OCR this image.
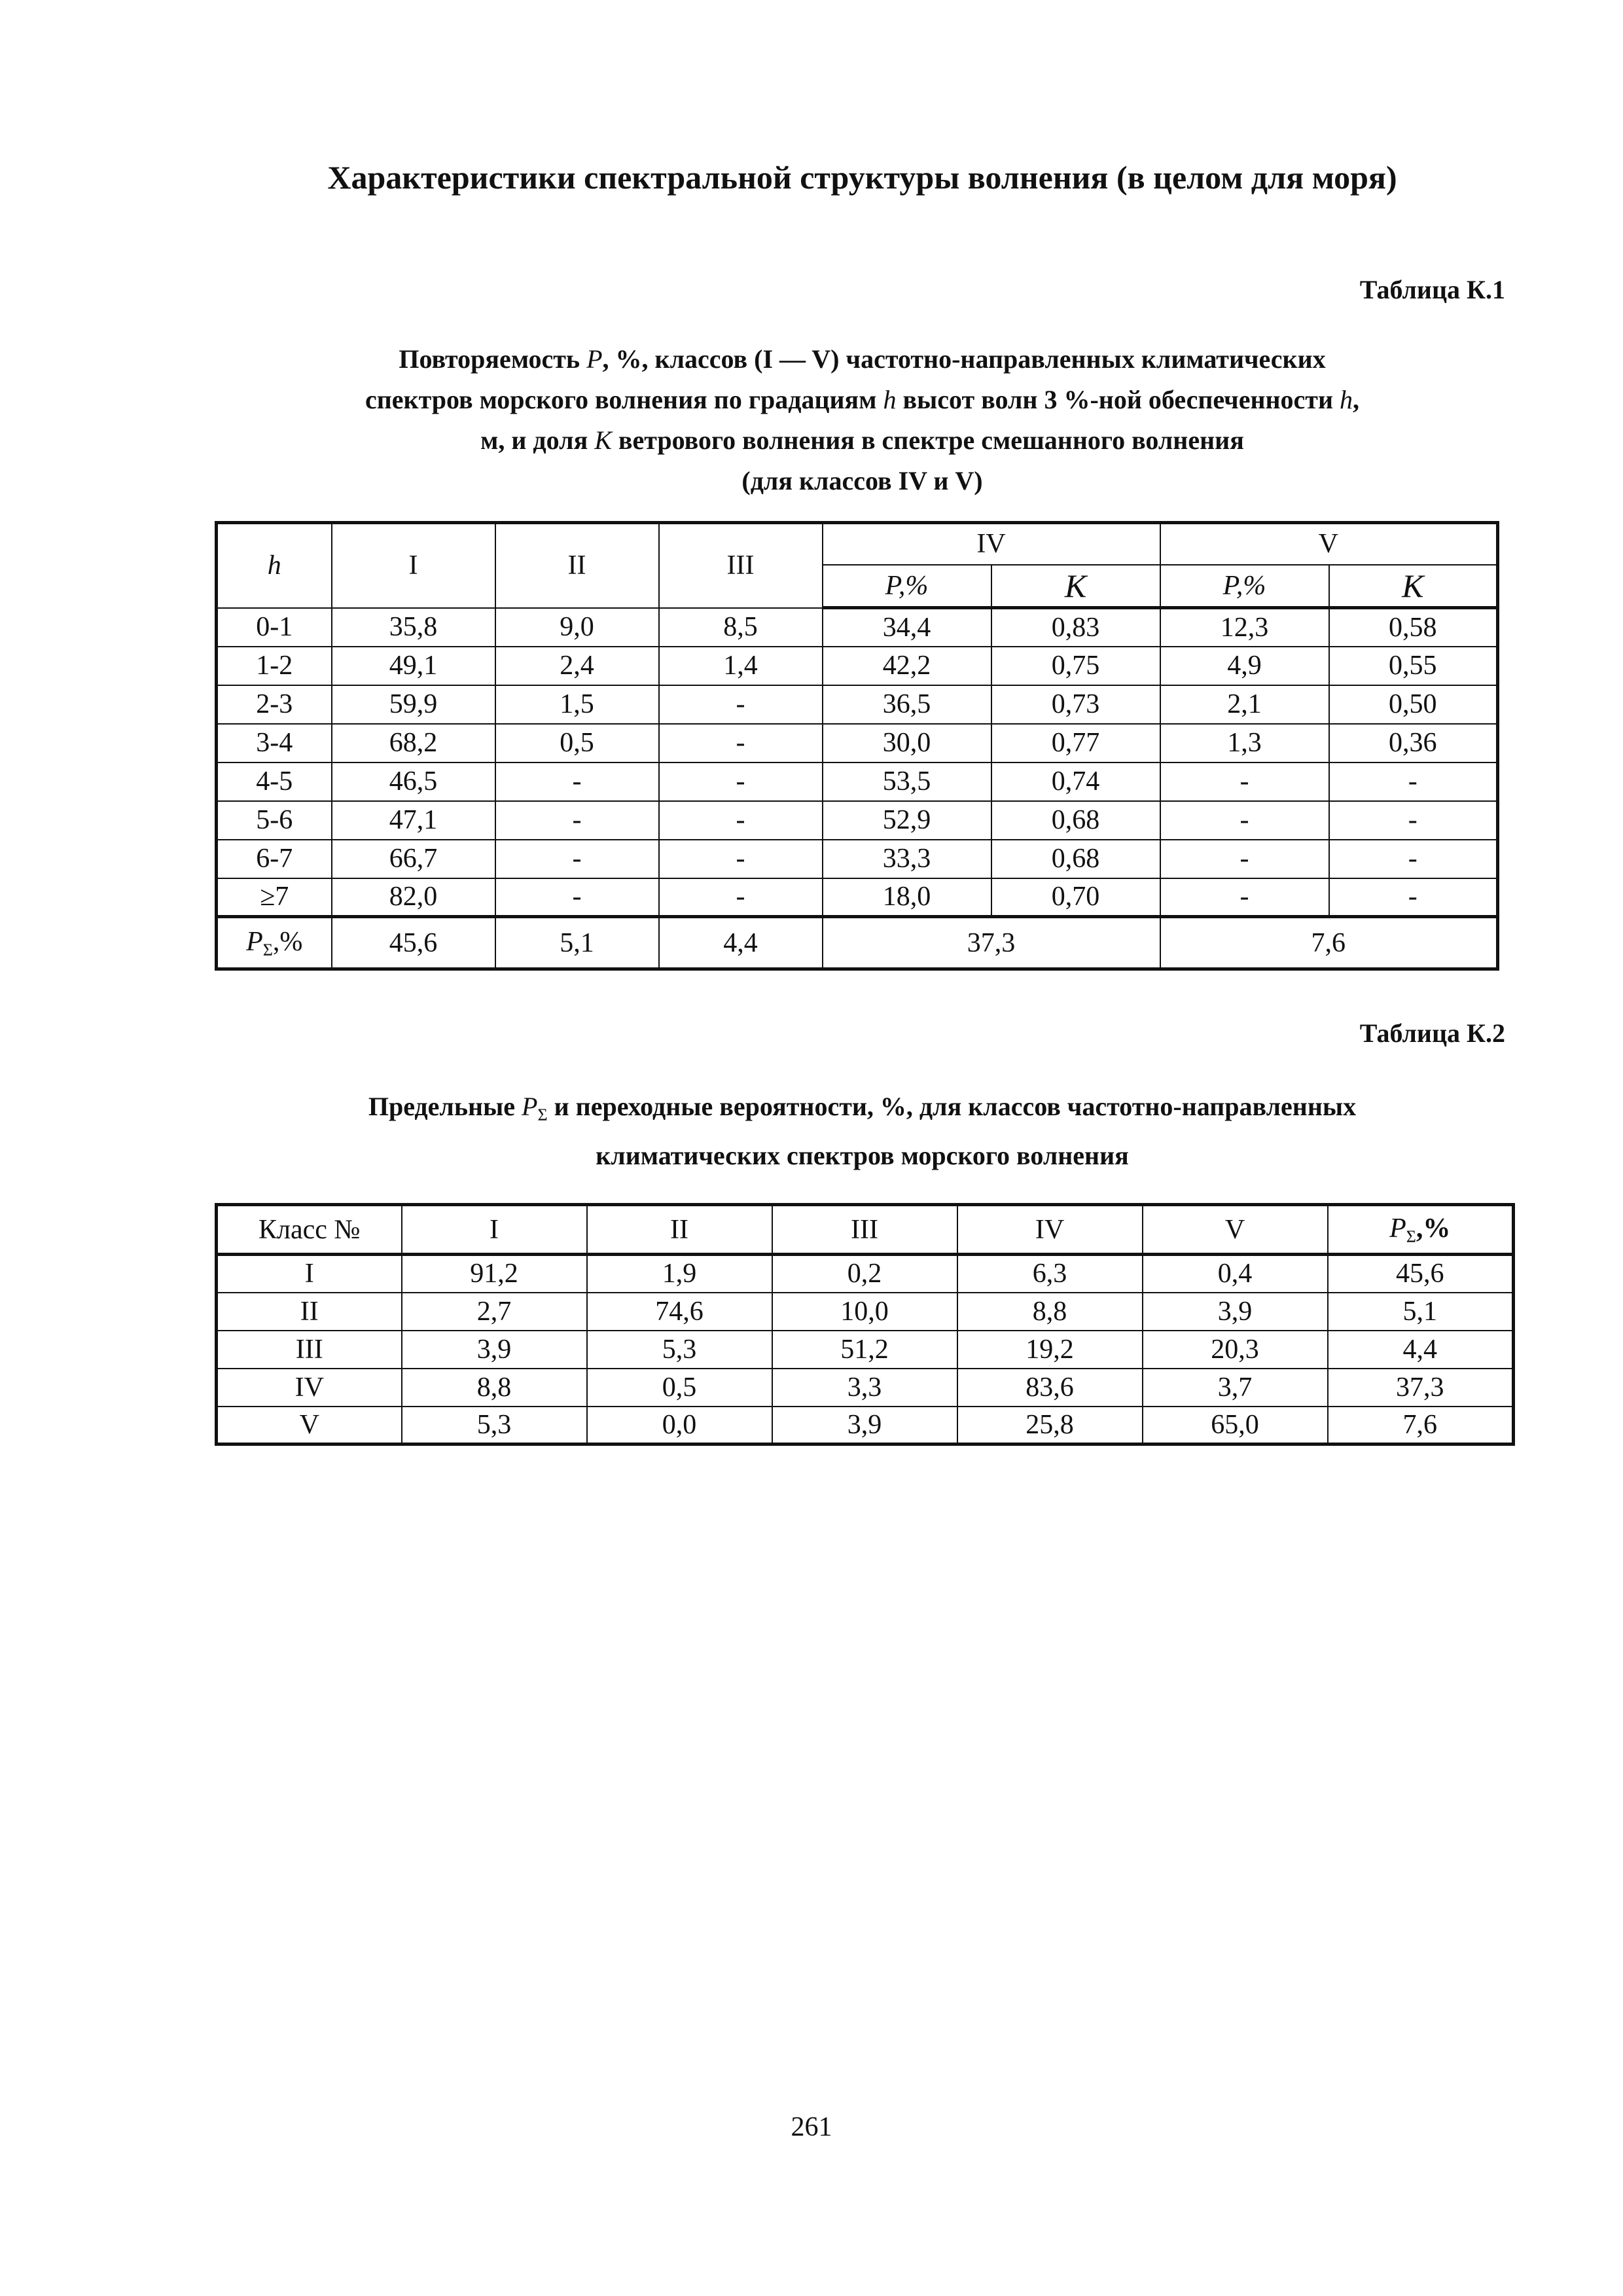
Характеристики спектральной структуры волнения (в целом для моря)
Таблица К.1
Повторяемость P, %, классов (I — V) частотно-направленных климатических
спектров морского волнения по градациям h высот волн 3 %-ной обеспеченности h,
м, и доля K ветрового волнения в спектре смешанного волнения
(для классов IV и V)
h	I	II	III	IV		V	
				P,%	K	P,%	K
0-1	35,8	9,0	8,5	34,4	0,83	12,3	0,58
1-2	49,1	2,4	1,4	42,2	0,75	4,9	0,55
2-3	59,9	1,5	-	36,5	0,73	2,1	0,50
3-4	68,2	0,5	-	30,0	0,77	1,3	0,36
4-5	46,5	-	-	53,5	0,74	-	-
5-6	47,1	-	-	52,9	0,68	-	-
6-7	66,7	-	-	33,3	0,68	-	-
≥7	82,0	-	-	18,0	0,70	-	-
PΣ,%	45,6	5,1	4,4	37,3		7,6	
Таблица К.2
Предельные $P_\Sigma$ и переходные вероятности, %, для классов частотно-направленных
климатических спектров морского волнения
Класс №	I	II	III	IV	V	PΣ,%
I	91,2	1,9	0,2	6,3	0,4	45,6
II	2,7	74,6	10,0	8,8	3,9	5,1
III	3,9	5,3	51,2	19,2	20,3	4,4
IV	8,8	0,5	3,3	83,6	3,7	37,3
V	5,3	0,0	3,9	25,8	65,0	7,6
261
